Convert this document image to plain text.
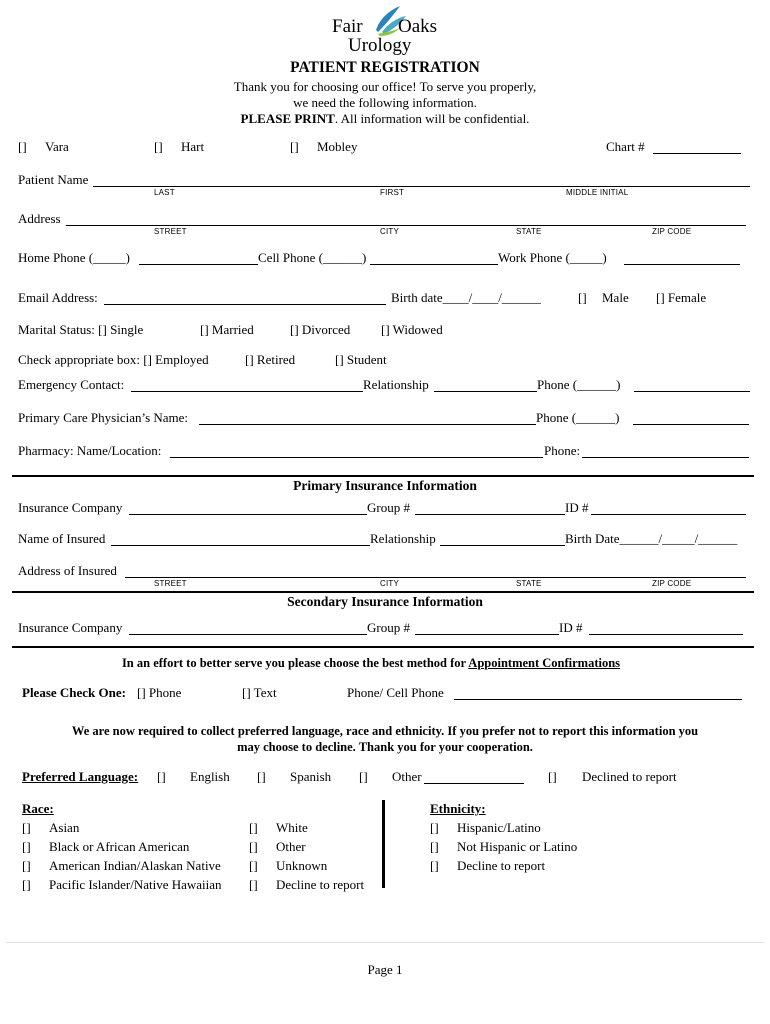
Fair Oaks
Urology
PATIENT REGISTRATION
Thank you for choosing our office! To serve you properly,
we need the following information.
PLEASE PRINT. All information will be confidential.
[] Vara	[] Hart	[] Mobley	Chart #
Patient Name
LAST	FIRST	MIDDLE INITIAL
Address
STREET	CITY	STATE	ZIP CODE
Home Phone (_____)	Cell Phone (______)	Work Phone (_____)
Email Address:	Birth date____/____/______	[] Male [] Female
Marital Status: [] Single	[] Married	[] Divorced [] Widowed
Check appropriate box: [] Employed	[] Retired	[] Student
Emergency Contact:	Relationship	Phone (______)
Primary Care Physician’s Name:	Phone (______)
Pharmacy: Name/Location:	Phone:
Primary Insurance Information
Insurance Company	Group #	ID #
Name of Insured	Relationship	Birth Date______/_____/______
Address of Insured
STREET	CITY	STATE	ZIP CODE
Secondary Insurance Information
Insurance Company	Group #	ID #
In an effort to better serve you please choose the best method for Appointment Confirmations
Please Check One: [] Phone	[] Text	Phone/ Cell Phone
We are now required to collect preferred language, race and ethnicity. If you prefer not to report this information you
may choose to decline. Thank you for your cooperation.
Preferred Language: [] English [] Spanish [] Other	[] Declined to report
Race:
[] Asian
[] Black or African American
[] American Indian/Alaskan Native
[] Pacific Islander/Native Hawaiian
[] White
[] Other
[] Unknown
[] Decline to report
Ethnicity:
[] Hispanic/Latino
[] Not Hispanic or Latino
[] Decline to report
Page 1
